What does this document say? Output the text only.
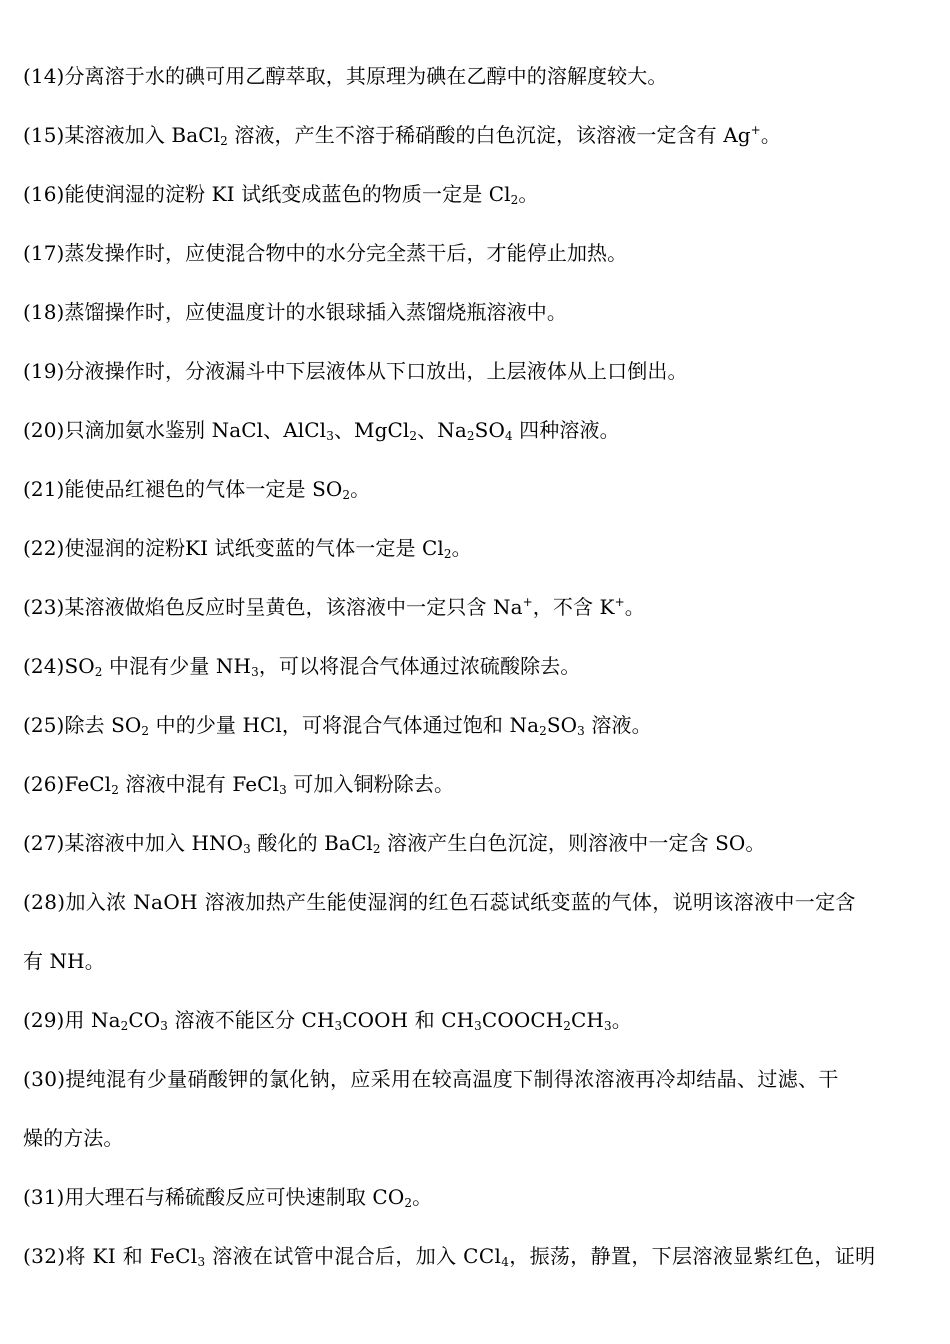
(14)分离溶于水的碘可用乙醇萃取，其原理为碘在乙醇中的溶解度较大。
(15)某溶液加入 BaCl$_2$ 溶液，产生不溶于稀硝酸的白色沉淀，该溶液一定含有 Ag+。
(16)能使润湿的淀粉 KI 试纸变成蓝色的物质一定是 $Cl_2$。
(17)蒸发操作时，应使混合物中的水分完全蒸干后，才能停止加热。
(18)蒸馏操作时，应使温度计的水银球插入蒸馏烧瓶溶液中。
(19)分液操作时，分液漏斗中下层液体从下口放出，上层液体从上口倒出。
(20)只滴加氨水鉴别 NaCl、AlCl$_3$、MgCl$_2$、$Na_2SO_4$ 四种溶液。
(21)能使品红褪色的气体一定是 $SO_2$。
(22)使湿润的淀粉KI 试纸变蓝的气体一定是 $Cl_2$。
(23)某溶液做焰色反应时呈黄色，该溶液中一定只含 Na+，不含 K+。
$(24)SO_2$ 中混有少量 $NH_3$，可以将混合气体通过浓硫酸除去。
(25)除去 $SO_2$ 中的少量 HCl，可将混合气体通过饱和 $Na_2SO_3$ 溶液。
(26)FeCl$_2$ 溶液中混有 FeCl$_3$ 可加入铜粉除去。
(27)某溶液中加入 $HNO_3$ 酸化的 BaCl$_2$ 溶液产生白色沉淀，则溶液中一定含 SO。
(28)加入浓 NaOH 溶液加热产生能使湿润的红色石蕊试纸变蓝的气体，说明该溶液中一定含
有 NH。
(29)用 $Na_2CO_3$ 溶液不能区分 $CH_3COOH$ 和 $CH_3COOCH_2CH_3$。
(30)提纯混有少量硝酸钾的氯化钠，应采用在较高温度下制得浓溶液再冷却结晶、过滤、干
燥的方法。
(31)用大理石与稀硫酸反应可快速制取 $CO_2$。
(32)将 KI 和 FeCl$_3$ 溶液在试管中混合后，加入 CCl$_4$，振荡，静置，下层溶液显紫红色，证明
